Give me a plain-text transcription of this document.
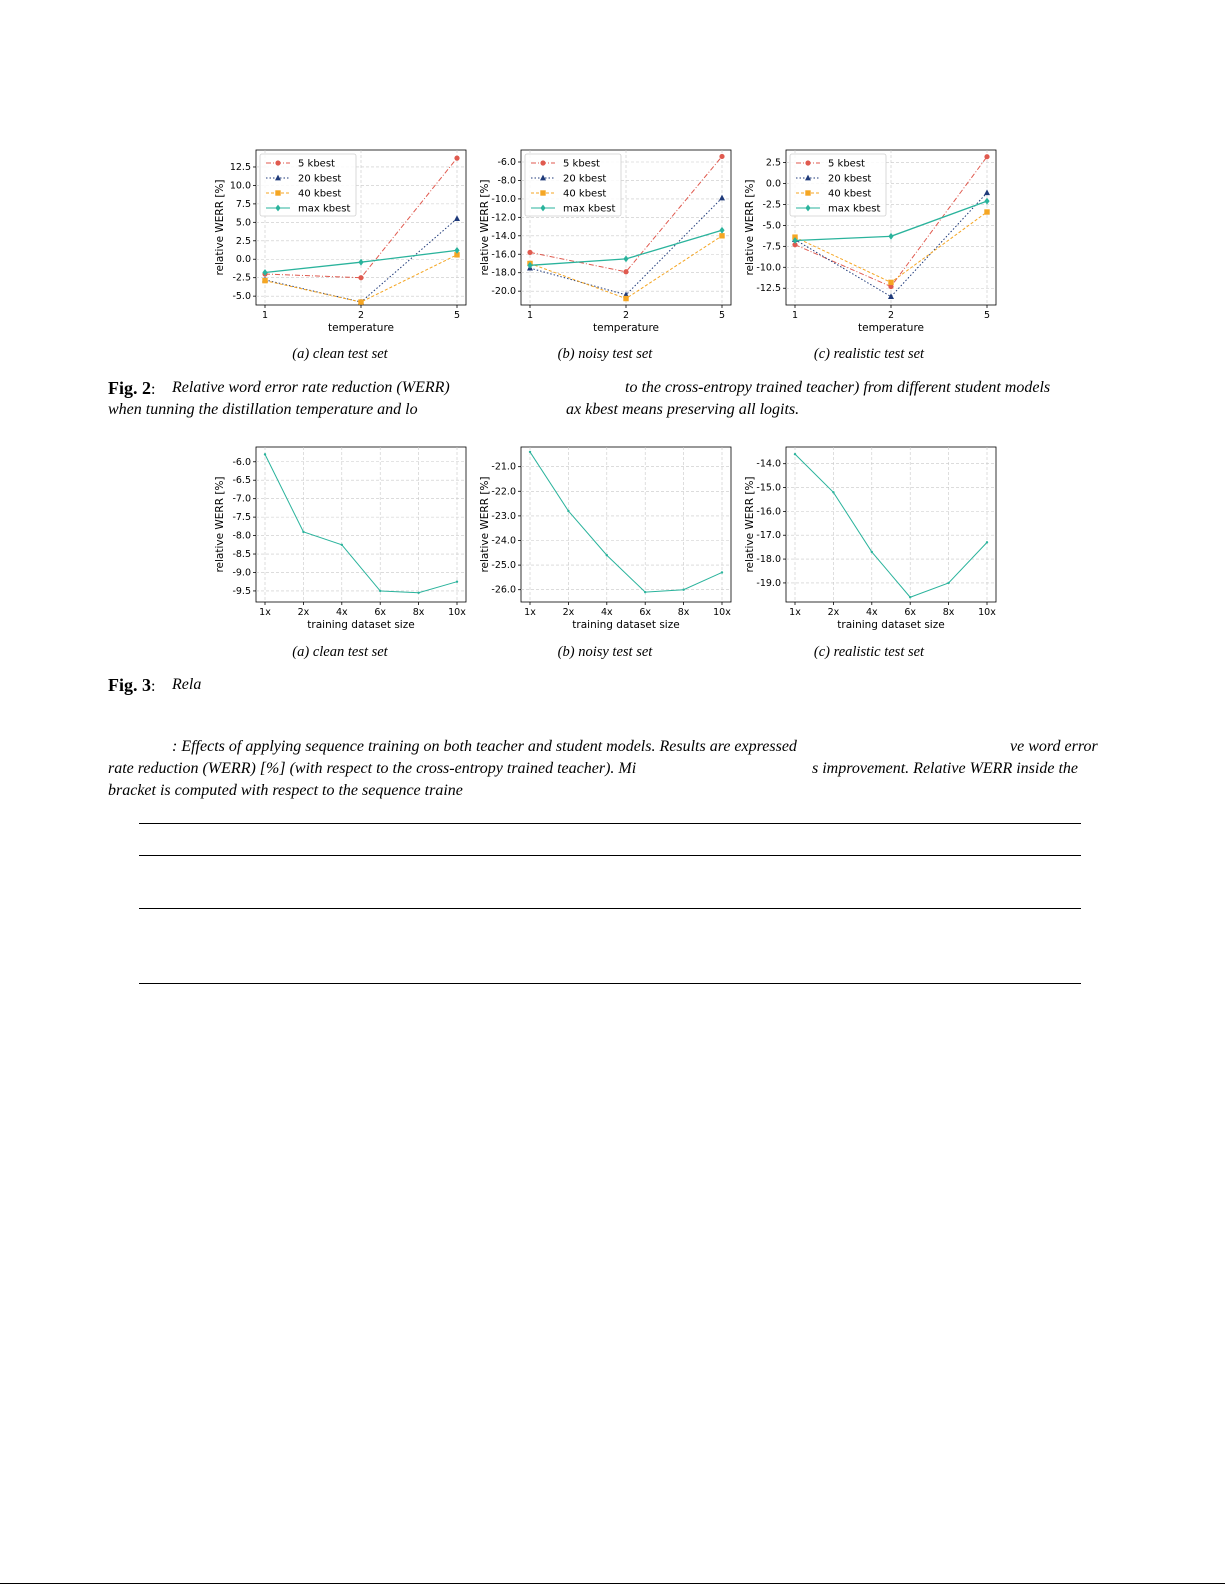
12.5
10.0
7.5
5.0
2.5
0.0
-2.5
-5.0
1	2	5
temperature
relative WERR [%]
5 kbest
20 kbest
40 kbest
max kbest
-6.0
-8.0
-10.0
-12.0
-14.0
-16.0
-18.0
-20.0
1	2	5
temperature
relative WERR [%]
5 kbest
20 kbest
40 kbest
max kbest
2.5
0.0
-2.5
-5.0
-7.5
-10.0
-12.5
1	2	5
temperature
relative WERR [%]
5 kbest
20 kbest
40 kbest
max kbest
(a) clean test set	(b) noisy test set	(c) realistic test set
Fig. 2: Relative word error rate reduction (WERR)	to the cross-entropy trained teacher) from different student models
when tunning the distillation temperature and lo	ax kbest means preserving all logits.
-6.0
-6.5
-7.0
-7.5
-8.0
-8.5
-9.0
-9.5
1x	2x	4x	6x	8x 10x
training dataset size
relative WERR [%]
-21.0
-22.0
-23.0
-24.0
-25.0
-26.0
1x	2x	4x	6x	8x 10x
training dataset size
relative WERR [%]
-14.0
-15.0
-16.0
-17.0
-18.0
-19.0
1x	2x	4x	6x	8x 10x
training dataset size
relative WERR [%]
(a) clean test set	(b) noisy test set	(c) realistic test set
Fig. 3: Rela
: Effects of applying sequence training on both teacher and student models. Results are expressed	ve word error
rate reduction (WERR) [%] (with respect to the cross-entropy trained teacher). Mi	s improvement. Relative WERR inside the
bracket is computed with respect to the sequence traine
